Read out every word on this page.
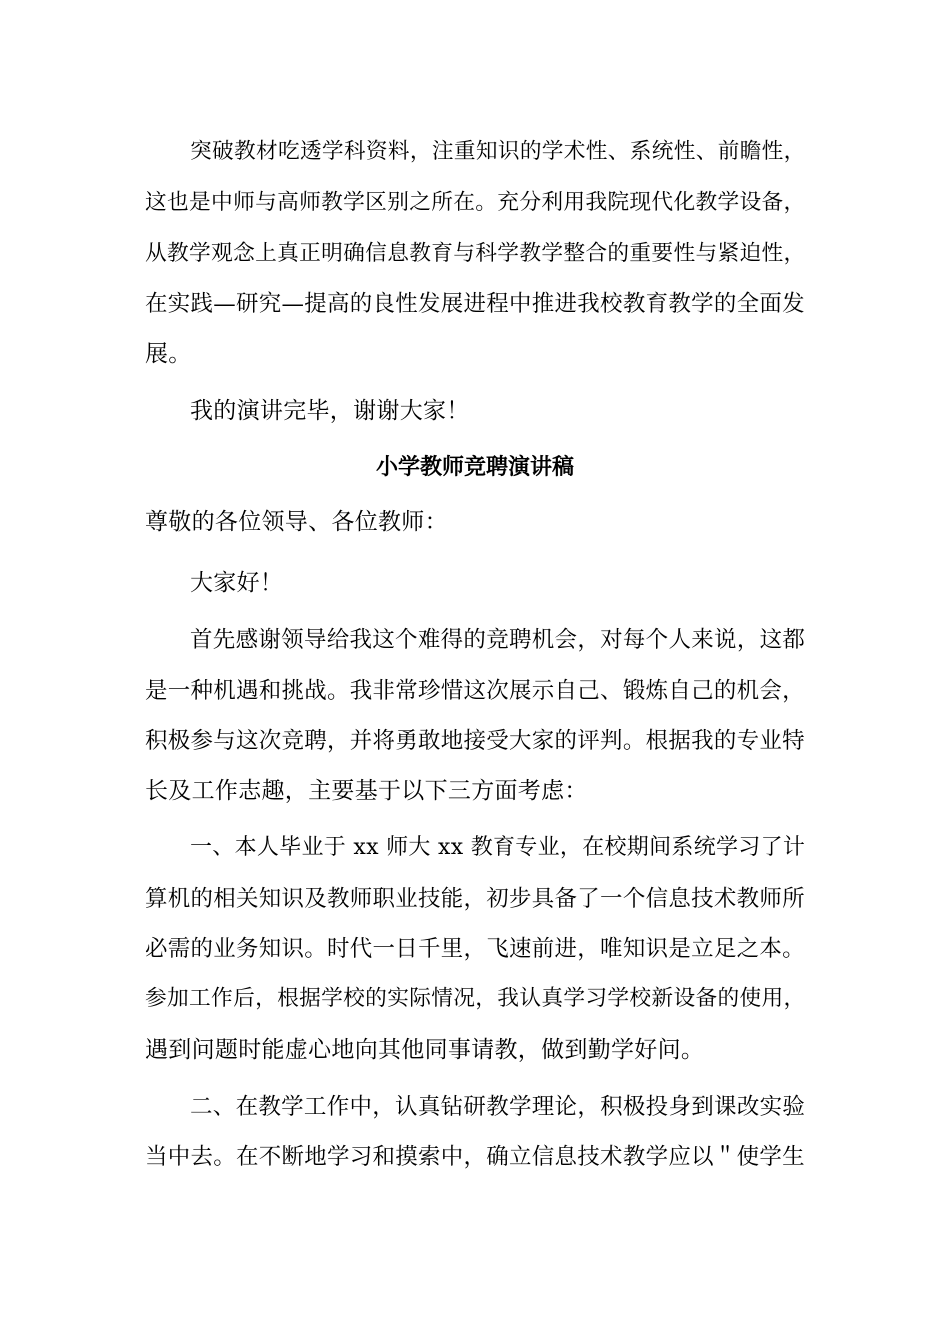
突破教材吃透学科资料，注重知识的学术性、系统性、前瞻性，
这也是中师与高师教学区别之所在。充分利用我院现代化教学设备，
从教学观念上真正明确信息教育与科学教学整合的重要性与紧迫性，
在实践—研究—提高的良性发展进程中推进我校教育教学的全面发
展。
我的演讲完毕，谢谢大家！
小学教师竞聘演讲稿
尊敬的各位领导、各位教师：
大家好！
首先感谢领导给我这个难得的竞聘机会，对每个人来说，这都
是一种机遇和挑战。我非常珍惜这次展示自己、锻炼自己的机会，
积极参与这次竞聘，并将勇敢地接受大家的评判。根据我的专业特
长及工作志趣，主要基于以下三方面考虑：
一、本人毕业于 xx 师大 xx 教育专业，在校期间系统学习了计
算机的相关知识及教师职业技能，初步具备了一个信息技术教师所
必需的业务知识。时代一日千里，飞速前进，唯知识是立足之本。
参加工作后，根据学校的实际情况，我认真学习学校新设备的使用，
遇到问题时能虚心地向其他同事请教，做到勤学好问。
二、在教学工作中，认真钻研教学理论，积极投身到课改实验
当中去。在不断地学习和摸索中，确立信息技术教学应以＂使学生
